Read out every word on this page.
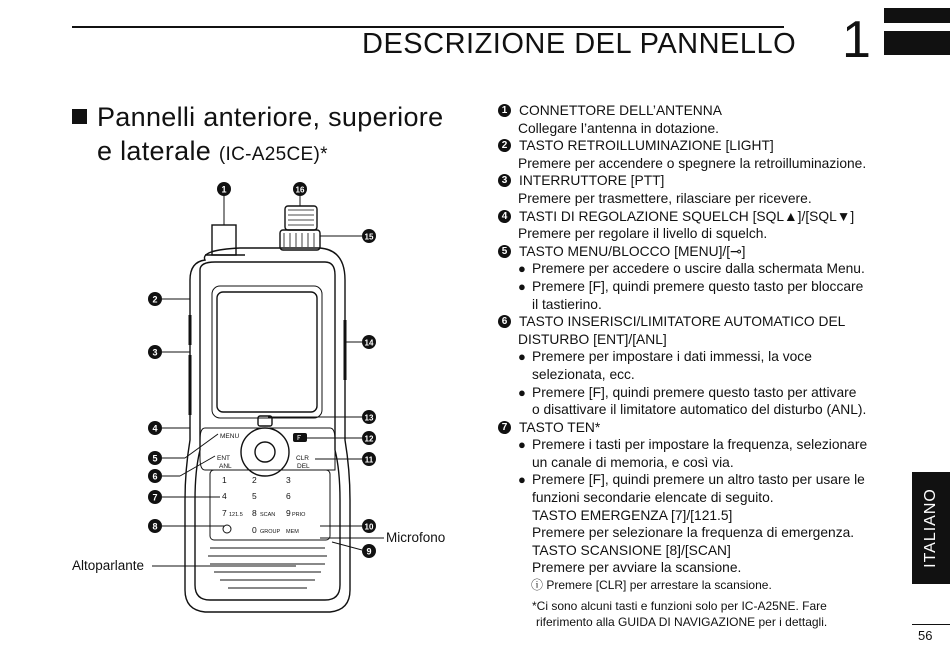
DESCRIZIONE DEL PANNELLO 1
Pannelli anteriore, superiore
e laterale (IC-A25CE)*
MENU
ENT
ANL
CLR
DEL
F
1	2	3
4	5	6
7	8	9
0
121.5	SCAN	PRIO
GROUP MEM
1	16
15
2
3
14
4
13
12
11
5
6
7
8	10
9
Microfono
Altoparlante
1 CONNETTORE DELL’ANTENNA
Collegare l’antenna in dotazione.
2 TASTO RETROILLUMINAZIONE [LIGHT]
Premere per accendere o spegnere la retroilluminazione.
3 INTERRUTTORE [PTT]
Premere per trasmettere, rilasciare per ricevere.
4 TASTI DI REGOLAZIONE SQUELCH [SQL▲]/[SQL▼]
Premere per regolare il livello di squelch.
5 TASTO MENU/BLOCCO [MENU]/[⊸]
● Premere per accedere o uscire dalla schermata Menu.
● Premere [F], quindi premere questo tasto per bloccare
il tastierino.
6 TASTO INSERISCI/LIMITATORE AUTOMATICO DEL
DISTURBO [ENT]/[ANL]
● Premere per impostare i dati immessi, la voce
selezionata, ecc.
● Premere [F], quindi premere questo tasto per attivare
o disattivare il limitatore automatico del disturbo (ANL).
7 TASTO TEN*
● Premere i tasti per impostare la frequenza, selezionare
un canale di memoria, e così via.
● Premere [F], quindi premere un altro tasto per usare le
funzioni secondarie elencate di seguito.
TASTO EMERGENZA [7]/[121.5]
Premere per selezionare la frequenza di emergenza.
TASTO SCANSIONE [8]/[SCAN]
Premere per avviare la scansione.
ⓘ Premere [CLR] per arrestare la scansione.
*Ci sono alcuni tasti e funzioni solo per IC-A25NE. Fare
riferimento alla GUIDA DI NAVIGAZIONE per i dettagli.
ITALIANO
56
